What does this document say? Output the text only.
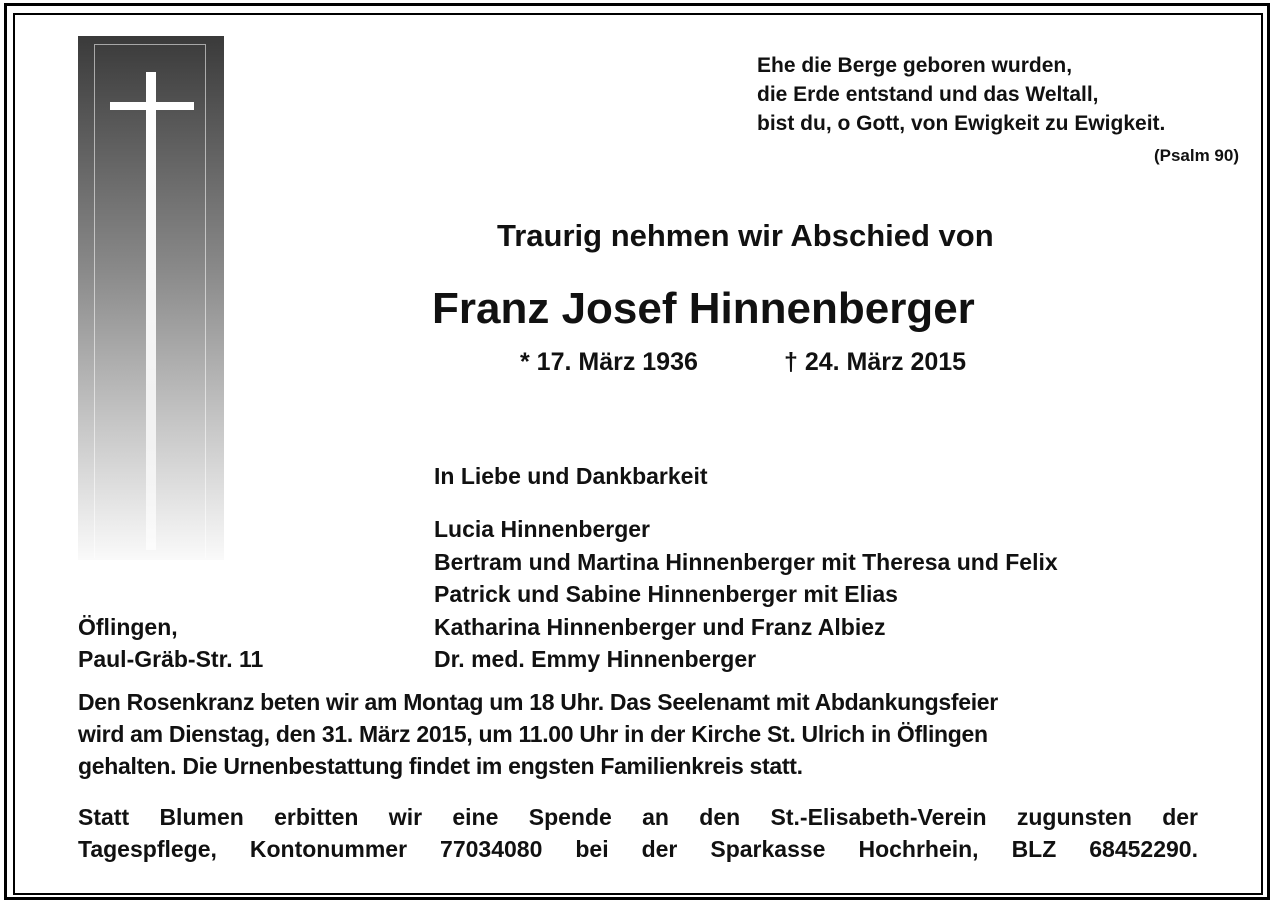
Ehe die Berge geboren wurden,
die Erde entstand und das Weltall,
bist du, o Gott, von Ewigkeit zu Ewigkeit.
(Psalm 90)
Traurig nehmen wir Abschied von
Franz Josef Hinnenberger
* 17. März 1936	† 24. März 2015
In Liebe und Dankbarkeit
Lucia Hinnenberger
Bertram und Martina Hinnenberger mit Theresa und Felix
Patrick und Sabine Hinnenberger mit Elias
Katharina Hinnenberger und Franz Albiez
Dr. med. Emmy Hinnenberger
Öflingen,
Paul-Gräb-Str. 11
Den Rosenkranz beten wir am Montag um 18 Uhr. Das Seelenamt mit Abdankungsfeier
wird am Dienstag, den 31. März 2015, um 11.00 Uhr in der Kirche St. Ulrich in Öflingen
gehalten. Die Urnenbestattung findet im engsten Familienkreis statt.
Statt Blumen erbitten wir eine Spende an den St.-Elisabeth-Verein zugunsten der
Tagespflege, Kontonummer 77034080 bei der Sparkasse Hochrhein, BLZ 68452290.
